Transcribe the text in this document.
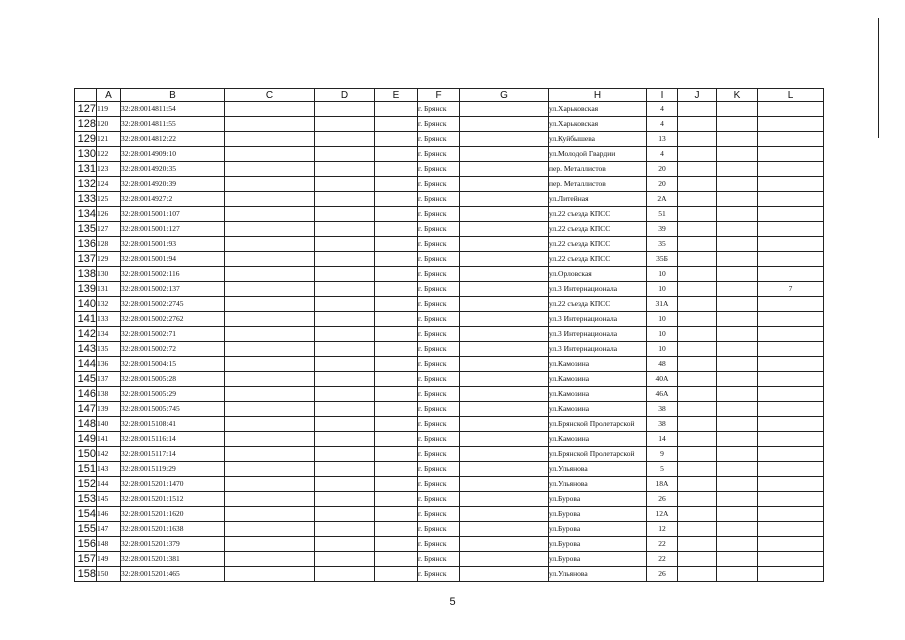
	A	B	C	D	E	F	G	H	I	J	K	L
127	119	32:28:0014811:54				г. Брянск		ул.Харьковская	4			
128	120	32:28:0014811:55				г. Брянск		ул.Харьковская	4			
129	121	32:28:0014812:22				г. Брянск		ул.Куйбышева	13			
130	122	32:28:0014909:10				г. Брянск		ул.Молодой Гвардии	4			
131	123	32:28:0014920:35				г. Брянск		пер. Металлистов	20			
132	124	32:28:0014920:39				г. Брянск		пер. Металлистов	20			
133	125	32:28:0014927:2				г. Брянск		ул.Литейная	2А			
134	126	32:28:0015001:107				г. Брянск		ул.22 съезда КПСС	51			
135	127	32:28:0015001:127				г. Брянск		ул.22 съезда КПСС	39			
136	128	32:28:0015001:93				г. Брянск		ул.22 съезда КПСС	35			
137	129	32:28:0015001:94				г. Брянск		ул.22 съезда КПСС	35Б			
138	130	32:28:0015002:116				г. Брянск		ул.Орловская	10			
139	131	32:28:0015002:137				г. Брянск		ул.3 Интернационала	10			7
140	132	32:28:0015002:2745				г. Брянск		ул.22 съезда КПСС	31А			
141	133	32:28:0015002:2762				г. Брянск		ул.3 Интернационала	10			
142	134	32:28:0015002:71				г. Брянск		ул.3 Интернационала	10			
143	135	32:28:0015002:72				г. Брянск		ул.3 Интернационала	10			
144	136	32:28:0015004:15				г. Брянск		ул.Камозина	48			
145	137	32:28:0015005:28				г. Брянск		ул.Камозина	40А			
146	138	32:28:0015005:29				г. Брянск		ул.Камозина	46А			
147	139	32:28:0015005:745				г. Брянск		ул.Камозина	38			
148	140	32:28:0015108:41				г. Брянск		ул.Брянской Пролетарской	38			
149	141	32:28:0015116:14				г. Брянск		ул.Камозина	14			
150	142	32:28:0015117:14				г. Брянск		ул.Брянской Пролетарской	9			
151	143	32:28:0015119:29				г. Брянск		ул.Ульянова	5			
152	144	32:28:0015201:1470				г. Брянск		ул.Ульянова	18А			
153	145	32:28:0015201:1512				г. Брянск		ул.Бурова	26			
154	146	32:28:0015201:1620				г. Брянск		ул.Бурова	12А			
155	147	32:28:0015201:1638				г. Брянск		ул.Бурова	12			
156	148	32:28:0015201:379				г. Брянск		ул.Бурова	22			
157	149	32:28:0015201:381				г. Брянск		ул.Бурова	22			
158	150	32:28:0015201:465				г. Брянск		ул.Ульянова	26			
5
